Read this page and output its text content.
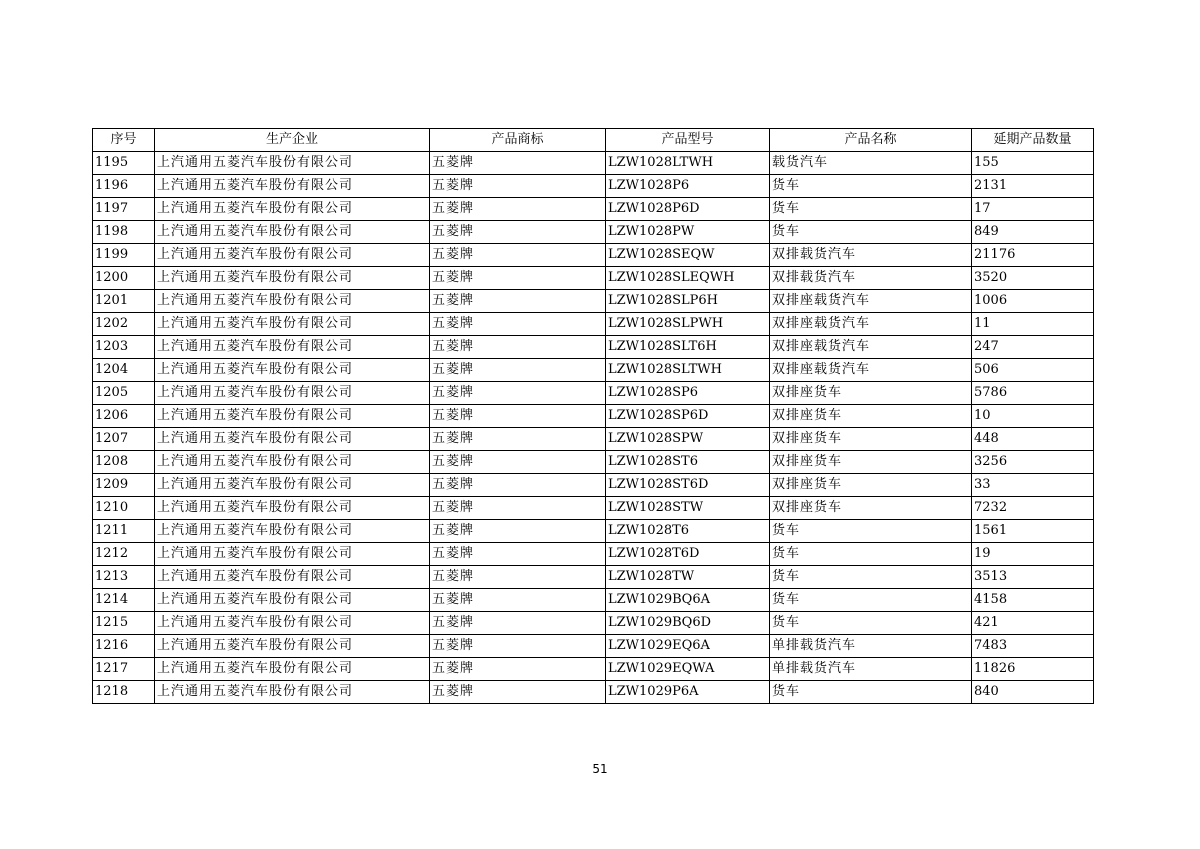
序号	生产企业	产品商标	产品型号	产品名称	延期产品数量
1195	上汽通用五菱汽车股份有限公司	五菱牌	LZW1028LTWH	载货汽车	155
1196	上汽通用五菱汽车股份有限公司	五菱牌	LZW1028P6	货车	2131
1197	上汽通用五菱汽车股份有限公司	五菱牌	LZW1028P6D	货车	17
1198	上汽通用五菱汽车股份有限公司	五菱牌	LZW1028PW	货车	849
1199	上汽通用五菱汽车股份有限公司	五菱牌	LZW1028SEQW	双排载货汽车	21176
1200	上汽通用五菱汽车股份有限公司	五菱牌	LZW1028SLEQWH	双排载货汽车	3520
1201	上汽通用五菱汽车股份有限公司	五菱牌	LZW1028SLP6H	双排座载货汽车	1006
1202	上汽通用五菱汽车股份有限公司	五菱牌	LZW1028SLPWH	双排座载货汽车	11
1203	上汽通用五菱汽车股份有限公司	五菱牌	LZW1028SLT6H	双排座载货汽车	247
1204	上汽通用五菱汽车股份有限公司	五菱牌	LZW1028SLTWH	双排座载货汽车	506
1205	上汽通用五菱汽车股份有限公司	五菱牌	LZW1028SP6	双排座货车	5786
1206	上汽通用五菱汽车股份有限公司	五菱牌	LZW1028SP6D	双排座货车	10
1207	上汽通用五菱汽车股份有限公司	五菱牌	LZW1028SPW	双排座货车	448
1208	上汽通用五菱汽车股份有限公司	五菱牌	LZW1028ST6	双排座货车	3256
1209	上汽通用五菱汽车股份有限公司	五菱牌	LZW1028ST6D	双排座货车	33
1210	上汽通用五菱汽车股份有限公司	五菱牌	LZW1028STW	双排座货车	7232
1211	上汽通用五菱汽车股份有限公司	五菱牌	LZW1028T6	货车	1561
1212	上汽通用五菱汽车股份有限公司	五菱牌	LZW1028T6D	货车	19
1213	上汽通用五菱汽车股份有限公司	五菱牌	LZW1028TW	货车	3513
1214	上汽通用五菱汽车股份有限公司	五菱牌	LZW1029BQ6A	货车	4158
1215	上汽通用五菱汽车股份有限公司	五菱牌	LZW1029BQ6D	货车	421
1216	上汽通用五菱汽车股份有限公司	五菱牌	LZW1029EQ6A	单排载货汽车	7483
1217	上汽通用五菱汽车股份有限公司	五菱牌	LZW1029EQWA	单排载货汽车	11826
1218	上汽通用五菱汽车股份有限公司	五菱牌	LZW1029P6A	货车	840
51
